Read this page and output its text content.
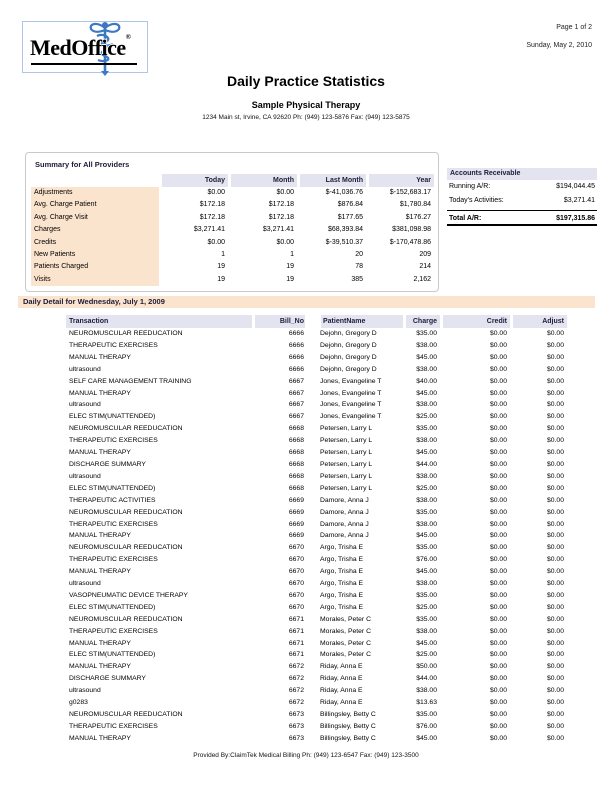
Page 1 of 2
Sunday, May 2, 2010
MedOffice®
Daily Practice Statistics
Sample Physical Therapy
1234 Main st, Irvine, CA 92620 Ph: (949) 123-5876 Fax: (949) 123-5875
Summary for All Providers
	Today	Month	Last Month	Year
Adjustments	$0.00	$0.00	$-41,036.76	$-152,683.17
Avg. Charge Patient	$172.18	$172.18	$876.84	$1,780.84
Avg. Charge Visit	$172.18	$172.18	$177.65	$176.27
Charges	$3,271.41	$3,271.41	$68,393.84	$381,098.98
Credits	$0.00	$0.00	$-39,510.37	$-170,478.86
New Patients	1	1	20	209
Patients Charged	19	19	78	214
Visits	19	19	385	2,162
Accounts Receivable
Running A/R:	$194,044.45
Today's Activities:	$3,271.41
Total A/R:	$197,315.86
Daily Detail for Wednesday, July 1, 2009
Transaction	Bill_No		PatientName	Charge	Credit	Adjust
NEUROMUSCULAR REEDUCATION	6666		Dejohn, Gregory D	$35.00	$0.00	$0.00
THERAPEUTIC EXERCISES	6666		Dejohn, Gregory D	$38.00	$0.00	$0.00
MANUAL THERAPY	6666		Dejohn, Gregory D	$45.00	$0.00	$0.00
ultrasound	6666		Dejohn, Gregory D	$38.00	$0.00	$0.00
SELF CARE MANAGEMENT TRAINING	6667		Jones, Evangeline T	$40.00	$0.00	$0.00
MANUAL THERAPY	6667		Jones, Evangeline T	$45.00	$0.00	$0.00
ultrasound	6667		Jones, Evangeline T	$38.00	$0.00	$0.00
ELEC STIM(UNATTENDED)	6667		Jones, Evangeline T	$25.00	$0.00	$0.00
NEUROMUSCULAR REEDUCATION	6668		Petersen, Larry L	$35.00	$0.00	$0.00
THERAPEUTIC EXERCISES	6668		Petersen, Larry L	$38.00	$0.00	$0.00
MANUAL THERAPY	6668		Petersen, Larry L	$45.00	$0.00	$0.00
DISCHARGE SUMMARY	6668		Petersen, Larry L	$44.00	$0.00	$0.00
ultrasound	6668		Petersen, Larry L	$38.00	$0.00	$0.00
ELEC STIM(UNATTENDED)	6668		Petersen, Larry L	$25.00	$0.00	$0.00
THERAPEUTIC ACTIVITIES	6669		Damore, Anna J	$38.00	$0.00	$0.00
NEUROMUSCULAR REEDUCATION	6669		Damore, Anna J	$35.00	$0.00	$0.00
THERAPEUTIC EXERCISES	6669		Damore, Anna J	$38.00	$0.00	$0.00
MANUAL THERAPY	6669		Damore, Anna J	$45.00	$0.00	$0.00
NEUROMUSCULAR REEDUCATION	6670		Argo, Trisha E	$35.00	$0.00	$0.00
THERAPEUTIC EXERCISES	6670		Argo, Trisha E	$76.00	$0.00	$0.00
MANUAL THERAPY	6670		Argo, Trisha E	$45.00	$0.00	$0.00
ultrasound	6670		Argo, Trisha E	$38.00	$0.00	$0.00
VASOPNEUMATIC DEVICE THERAPY	6670		Argo, Trisha E	$35.00	$0.00	$0.00
ELEC STIM(UNATTENDED)	6670		Argo, Trisha E	$25.00	$0.00	$0.00
NEUROMUSCULAR REEDUCATION	6671		Morales, Peter C	$35.00	$0.00	$0.00
THERAPEUTIC EXERCISES	6671		Morales, Peter C	$38.00	$0.00	$0.00
MANUAL THERAPY	6671		Morales, Peter C	$45.00	$0.00	$0.00
ELEC STIM(UNATTENDED)	6671		Morales, Peter C	$25.00	$0.00	$0.00
MANUAL THERAPY	6672		Riday, Anna E	$50.00	$0.00	$0.00
DISCHARGE SUMMARY	6672		Riday, Anna E	$44.00	$0.00	$0.00
ultrasound	6672		Riday, Anna E	$38.00	$0.00	$0.00
g0283	6672		Riday, Anna E	$13.63	$0.00	$0.00
NEUROMUSCULAR REEDUCATION	6673		Billingsley, Betty C	$35.00	$0.00	$0.00
THERAPEUTIC EXERCISES	6673		Billingsley, Betty C	$76.00	$0.00	$0.00
MANUAL THERAPY	6673		Billingsley, Betty C	$45.00	$0.00	$0.00
Provided By:ClaimTek Medical Billing Ph: (949) 123-6547 Fax: (949) 123-3500
